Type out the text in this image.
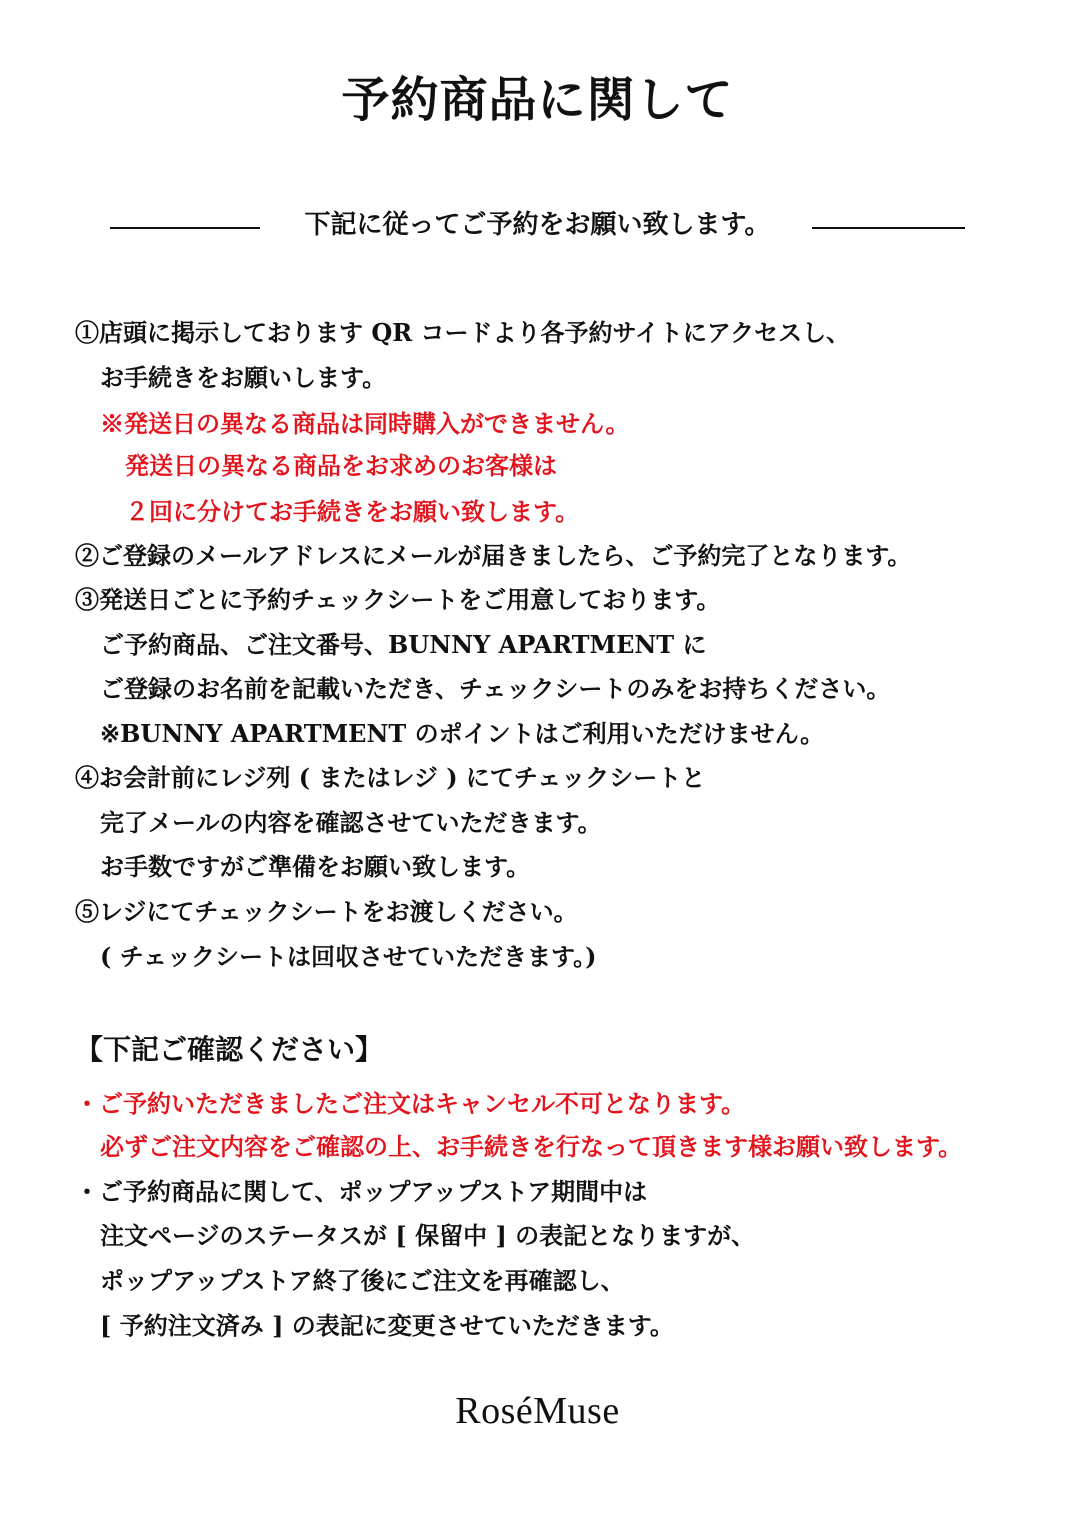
予約商品に関して
下記に従ってご予約をお願い致します。
①店頭に掲示しております QR コードより各予約サイトにアクセスし、
お手続きをお願いします。
※発送日の異なる商品は同時購入ができません。
発送日の異なる商品をお求めのお客様は
２回に分けてお手続きをお願い致します。
②ご登録のメールアドレスにメールが届きましたら、ご予約完了となります。
③発送日ごとに予約チェックシートをご用意しております。
ご予約商品、ご注文番号、BUNNY APARTMENT に
ご登録のお名前を記載いただき、チェックシートのみをお持ちください。
※BUNNY APARTMENT のポイントはご利用いただけません。
④お会計前にレジ列 ( またはレジ ) にてチェックシートと
完了メールの内容を確認させていただきます。
お手数ですがご準備をお願い致します。
⑤レジにてチェックシートをお渡しください。
( チェックシートは回収させていただきます。)
【下記ご確認ください】
・ご予約いただきましたご注文はキャンセル不可となります。
必ずご注文内容をご確認の上、お手続きを行なって頂きます様お願い致します。
・ご予約商品に関して、ポップアップストア期間中は
注文ページのステータスが [ 保留中 ] の表記となりますが、
ポップアップストア終了後にご注文を再確認し、
[ 予約注文済み ] の表記に変更させていただきます。
RoséMuse
